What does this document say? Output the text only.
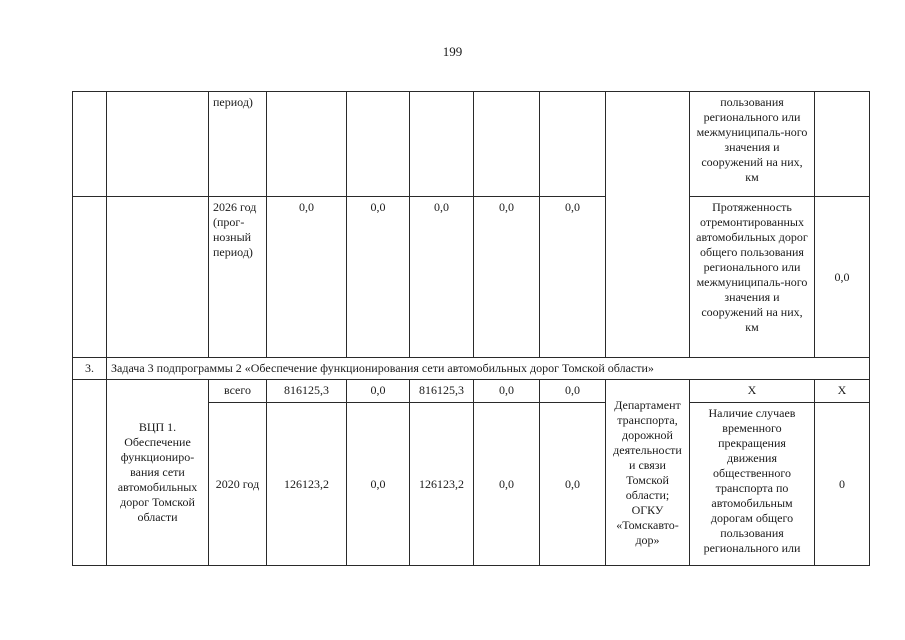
199
		период)							пользования регионального или межмуниципаль-ного значения и сооружений на них, км	
		2026 год (прог-нозный период)	0,0	0,0	0,0	0,0	0,0		Протяженность отремонтированных автомобильных дорог общего пользования регионального или межмуниципаль-ного значения и сооружений на них, км	0,0
3.	Задача 3 подпрограммы 2 «Обеспечение функционирования сети автомобильных дорог Томской области»									
	ВЦП 1. Обеспечение функциониро-вания сети автомобильных дорог Томской области	всего	816125,3	0,0	816125,3	0,0	0,0	Департамент транспорта, дорожной деятельности и связи Томской области; ОГКУ «Томскавто-дор»	Х	Х
		2020 год	126123,2	0,0	126123,2	0,0	0,0		Наличие случаев временного прекращения движения общественного транспорта по автомобильным дорогам общего пользования регионального или	0
